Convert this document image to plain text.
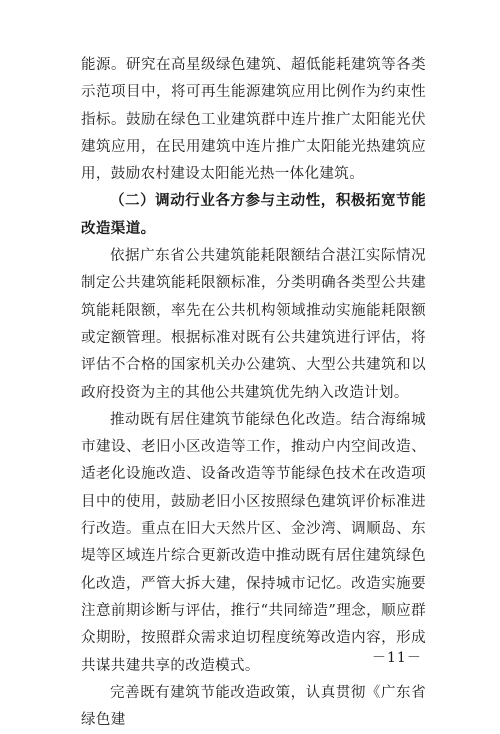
能源。研究在高星级绿色建筑、超低能耗建筑等各类示范项目中，将可再生能源建筑应用比例作为约束性指标。鼓励在绿色工业建筑群中连片推广太阳能光伏建筑应用，在民用建筑中连片推广太阳能光热建筑应用，鼓励农村建设太阳能光热一体化建筑。

（二）调动行业各方参与主动性，积极拓宽节能改造渠道。

依据广东省公共建筑能耗限额结合湛江实际情况制定公共建筑能耗限额标准，分类明确各类型公共建筑能耗限额，率先在公共机构领域推动实施能耗限额或定额管理。根据标准对既有公共建筑进行评估，将评估不合格的国家机关办公建筑、大型公共建筑和以政府投资为主的其他公共建筑优先纳入改造计划。

推动既有居住建筑节能绿色化改造。结合海绵城市建设、老旧小区改造等工作，推动户内空间改造、适老化设施改造、设备改造等节能绿色技术在改造项目中的使用，鼓励老旧小区按照绿色建筑评价标准进行改造。重点在旧大天然片区、金沙湾、调顺岛、东堤等区域连片综合更新改造中推动既有居住建筑绿色化改造，严管大拆大建，保持城市记忆。改造实施要注意前期诊断与评估，推行“共同缔造”理念，顺应群众期盼，按照群众需求迫切程度统筹改造内容，形成共谋共建共享的改造模式。

完善既有建筑节能改造政策，认真贯彻《广东省绿色建

－11－
